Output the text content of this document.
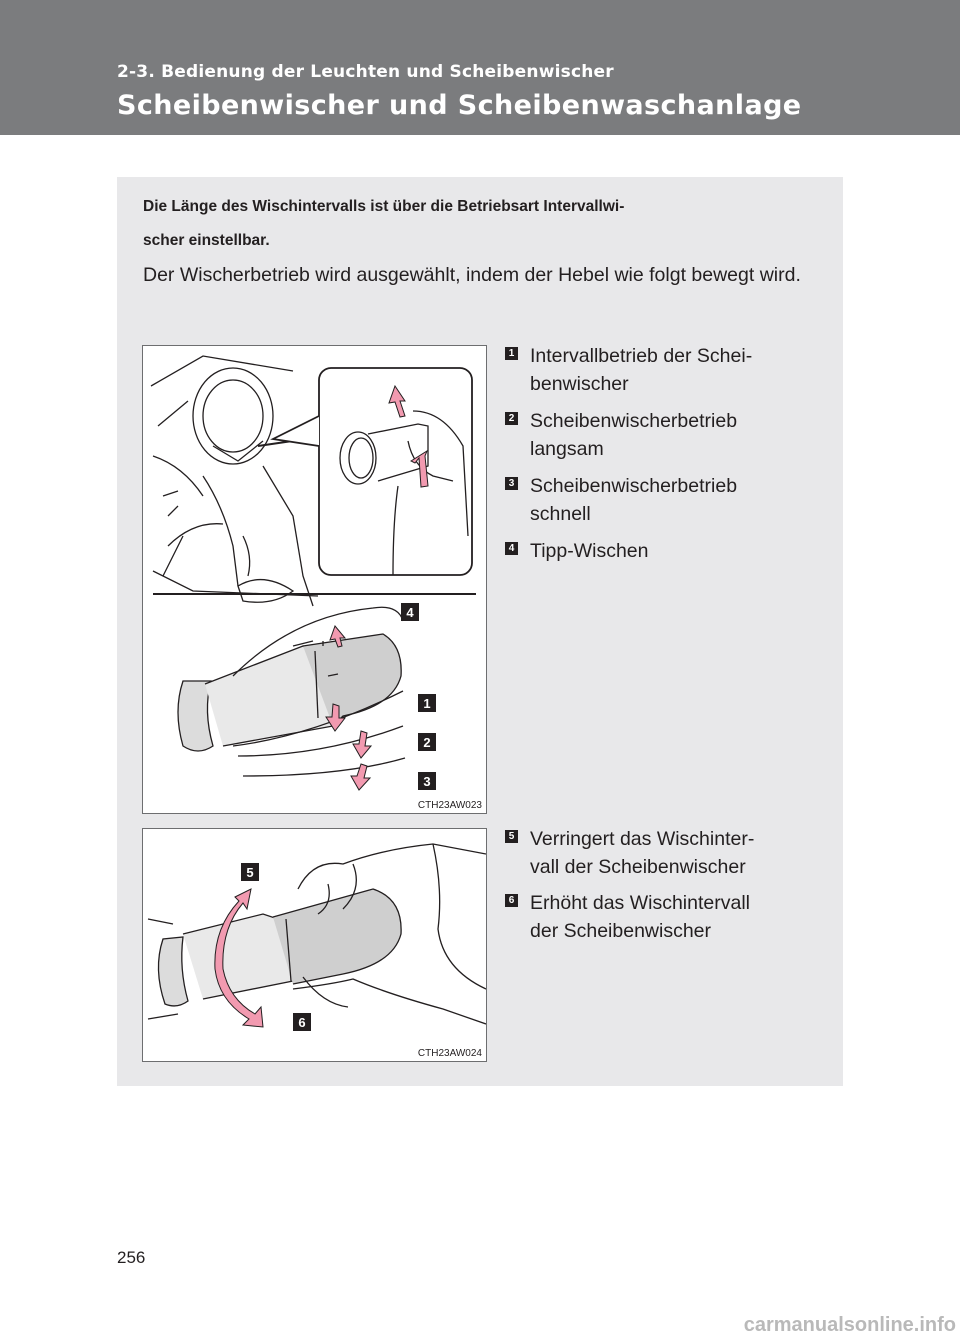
2-3. Bedienung der Leuchten und Scheibenwischer
Scheibenwischer und Scheibenwaschanlage
Die Länge des Wischintervalls ist über die Betriebsart Intervallwi-
scher einstellbar.
Der Wischerbetrieb wird ausgewählt, indem der Hebel wie folgt bewegt wird.
4
1
2
3
CTH23AW023
5
6
CTH23AW024
1 Intervallbetrieb der Schei-
benwischer
2 Scheibenwischerbetrieb
langsam
3 Scheibenwischerbetrieb
schnell
4 Tipp-Wischen
5 Verringert das Wischinter-
vall der Scheibenwischer
6 Erhöht das Wischintervall
der Scheibenwischer
256
carmanualsonline.info
